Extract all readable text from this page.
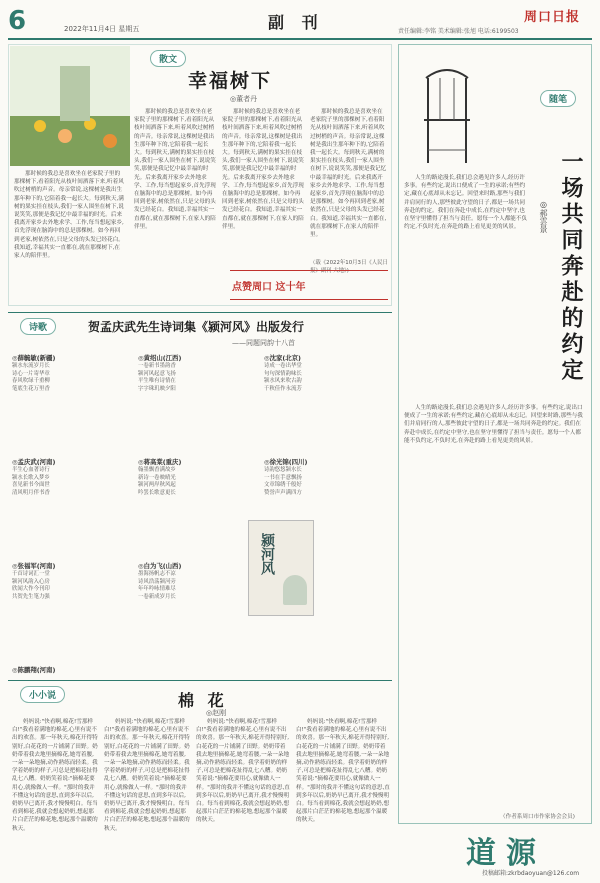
6	2022年11月4日 星期五	副 刊	责任编辑:李铭 美术编辑:张旭 电话:6199503
周口日报
散文
幸福树下
◎董者丹
那时候的我总是喜欢坐在老家院子里的那棵树下,看着阳光从枝叶间洒落下来,听着风吹过树梢的声音。母亲常说,这棵树是我出生那年种下的,它陪着我一起长大。每到秋天,满树的果实挂在枝头,我们一家人围坐在树下,说说笑笑,那便是我记忆中最幸福的时光。后来我离开家乡去外地求学、工作,每当想起家乡,首先浮现在脑海中的总是那棵树。如今再回到老家,树依然在,只是父母的头发已经花白。我知道,幸福其实一直都在,就在那棵树下,在家人的陪伴里。
那时候的我总是喜欢坐在老家院子里的那棵树下,看着阳光从枝叶间洒落下来,听着风吹过树梢的声音。母亲常说,这棵树是我出生那年种下的,它陪着我一起长大。每到秋天,满树的果实挂在枝头,我们一家人围坐在树下,说说笑笑,那便是我记忆中最幸福的时光。后来我离开家乡去外地求学、工作,每当想起家乡,首先浮现在脑海中的总是那棵树。如今再回到老家,树依然在,只是父母的头发已经花白。我知道,幸福其实一直都在,就在那棵树下,在家人的陪伴里。
那时候的我总是喜欢坐在老家院子里的那棵树下,看着阳光从枝叶间洒落下来,听着风吹过树梢的声音。母亲常说,这棵树是我出生那年种下的,它陪着我一起长大。每到秋天,满树的果实挂在枝头,我们一家人围坐在树下,说说笑笑,那便是我记忆中最幸福的时光。后来我离开家乡去外地求学、工作,每当想起家乡,首先浮现在脑海中的总是那棵树。如今再回到老家,树依然在,只是父母的头发已经花白。我知道,幸福其实一直都在,就在那棵树下,在家人的陪伴里。
那时候的我总是喜欢坐在老家院子里的那棵树下,看着阳光从枝叶间洒落下来,听着风吹过树梢的声音。母亲常说,这棵树是我出生那年种下的,它陪着我一起长大。每到秋天,满树的果实挂在枝头,我们一家人围坐在树下,说说笑笑,那便是我记忆中最幸福的时光。后来我离开家乡去外地求学、工作,每当想起家乡,首先浮现在脑海中的总是那棵树。如今再回到老家,树依然在,只是父母的头发已经花白。我知道,幸福其实一直都在,就在那棵树下,在家人的陪伴里。
（载《2022年10月3日《人民日报》副刊·大地》)
点赞周口 这十年
随笔
一场共同奔赴的约定
◎郝雲景
人生的路途漫长,我们总会遇见许多人,经历许多事。有些约定,说出口便成了一生的承诺;有些约定,藏在心底却从未忘记。回望来时路,那些与我们并肩同行的人,那些彼此守望的日子,都是一场共同奔赴的约定。我们在奔赴中成长,在约定中坚守,也在坚守里懂得了担当与责任。愿每一个人都能不负约定,不负时光,在奔赴的路上看见更美的风景。
人生的路途漫长,我们总会遇见许多人,经历许多事。有些约定,说出口便成了一生的承诺;有些约定,藏在心底却从未忘记。回望来时路,那些与我们并肩同行的人,那些彼此守望的日子,都是一场共同奔赴的约定。我们在奔赴中成长,在约定中坚守,也在坚守里懂得了担当与责任。愿每一个人都能不负约定,不负时光,在奔赴的路上看见更美的风景。
（作者系周口市作家协会会员)
诗歌	贺孟庆武先生诗词集《颍河风》出版发行
——同题同韵十八首
◎薛毓敏(新疆)
颍水东流岁月长
诗心一片寄华章
春风吹绿千重柳
笔底生花万里香
◎黄绍山(江西)
一卷新书墨韵香
颍河风起意飞扬
平生唯有诗情在
字字珠玑映夕阳
◎沈家(北京)
诗成一卷出华堂
句句深情韵味长
颍水风来吹古韵
千秋佳作永流芳
◎孟庆武(河南)
半生心血著诗行
颍水长歌入梦乡
喜见新书今面世
清风明月伴书香
◎蒋高棠(重庆)
翰墨飘香满故乡
新诗一卷映晴光
颍河两岸秋风起
吟罢长歌意更长
◎徐光锦(四川)
诗韵悠悠颍水长
一书在手意飘扬
文章锦绣千般好
赞誉声声满四方
◎张福军(河南)
千首诗词汇一堂
颍河风韵入心房
欣闻大作今刊印
共贺先生笔力强
◎白为飞(山西)
墨海扬帆志不凉
诗风浩荡颍河旁
年年吟咏情难尽
一卷新成岁月长
◎陈鹏翔(河南)
颍河风
小小说	棉 花
◎赵刚
妈妈说:"快看啊,棉花!雪那样白!"我看着满地的棉花,心里有说不出的欢喜。那一年秋天,棉花开得特别好,白花花的一片铺满了田野。奶奶带着我去地里摘棉花,她弯着腰,一朵一朵地摘,动作熟练而轻柔。我学着奶奶的样子,可总是把棉花扯得乱七八糟。奶奶笑着说:"摘棉花要用心,就像做人一样。"那时的我并不懂这句话的意思,直到多年以后,奶奶早已离开,我才慢慢明白。每当看到棉花,我就会想起奶奶,想起那片白茫茫的棉花地,想起那个温暖的秋天。
妈妈说:"快看啊,棉花!雪那样白!"我看着满地的棉花,心里有说不出的欢喜。那一年秋天,棉花开得特别好,白花花的一片铺满了田野。奶奶带着我去地里摘棉花,她弯着腰,一朵一朵地摘,动作熟练而轻柔。我学着奶奶的样子,可总是把棉花扯得乱七八糟。奶奶笑着说:"摘棉花要用心,就像做人一样。"那时的我并不懂这句话的意思,直到多年以后,奶奶早已离开,我才慢慢明白。每当看到棉花,我就会想起奶奶,想起那片白茫茫的棉花地,想起那个温暖的秋天。
妈妈说:"快看啊,棉花!雪那样白!"我看着满地的棉花,心里有说不出的欢喜。那一年秋天,棉花开得特别好,白花花的一片铺满了田野。奶奶带着我去地里摘棉花,她弯着腰,一朵一朵地摘,动作熟练而轻柔。我学着奶奶的样子,可总是把棉花扯得乱七八糟。奶奶笑着说:"摘棉花要用心,就像做人一样。"那时的我并不懂这句话的意思,直到多年以后,奶奶早已离开,我才慢慢明白。每当看到棉花,我就会想起奶奶,想起那片白茫茫的棉花地,想起那个温暖的秋天。
妈妈说:"快看啊,棉花!雪那样白!"我看着满地的棉花,心里有说不出的欢喜。那一年秋天,棉花开得特别好,白花花的一片铺满了田野。奶奶带着我去地里摘棉花,她弯着腰,一朵一朵地摘,动作熟练而轻柔。我学着奶奶的样子,可总是把棉花扯得乱七八糟。奶奶笑着说:"摘棉花要用心,就像做人一样。"那时的我并不懂这句话的意思,直到多年以后,奶奶早已离开,我才慢慢明白。每当看到棉花,我就会想起奶奶,想起那片白茫茫的棉花地,想起那个温暖的秋天。
道源
投稿邮箱:zkrbdaoyuan@126.com
